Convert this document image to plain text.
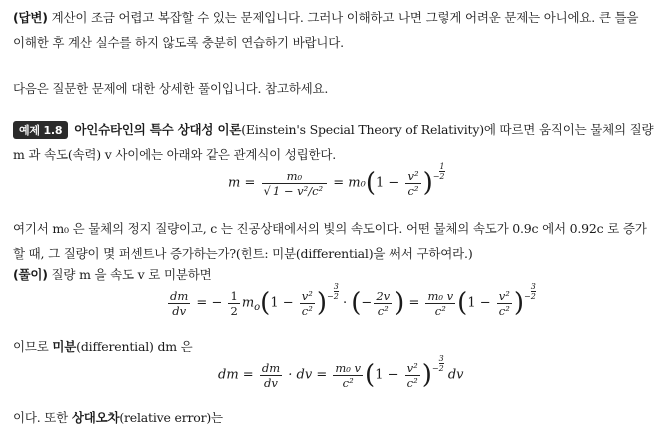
(답변) 계산이 조금 어렵고 복잡할 수 있는 문제입니다. 그러나 이해하고 나면 그렇게 어려운 문제는 아니에요. 큰 틀을
이해한 후 계산 실수를 하지 않도록 충분히 연습하기 바랍니다.
다음은 질문한 문제에 대한 상세한 풀이입니다. 참고하세요.
예제 1.8 아인슈타인의 특수 상대성 이론(Einstein's Special Theory of Relativity)에 따르면 움직이는 물체의 질량
m 과 속도(속력) v 사이에는 아래와 같은 관계식이 성립한다.
$m = \frac{\text{m₀}}{\text{√ 1 − v²/c²}} = m_0(1 - \frac{\text{v²}}{\text{c²}}$ )− $\frac{1}{2}$
여기서 m₀ 은 물체의 정지 질량이고, c 는 진공상태에서의 빛의 속도이다. 어떤 물체의 속도가 0.9c 에서 0.92c 로 증가
할 때, 그 질량이 몇 퍼센트나 증가하는가?(힌트: 미분(differential)을 써서 구하여라.)
(풀이) 질량 m 을 속도 v 로 미분하면
$\frac{dm}{dv}$ = − $\frac{1}{2} m_o(1 - \frac{\text{v²}}{\text{c²}}$ )− $\frac{3}{2}$
· (− $\frac{2v}{\text{c²}}$ ) = $\frac{\text{m₀ v}}{\text{c²}} (1 - \frac{\text{v²}}{\text{c²}}$ )− $\frac{3}{2}$
이므로 미분(differential) dm 은
dm = $\frac{dm}{dv}$ · dv = $\frac{\text{m₀ v}}{\text{c²}} (1 - \frac{\text{v²}}{\text{c²}}$ )− $\frac{3}{2}$
dv
이다. 또한 상대오차(relative error)는
